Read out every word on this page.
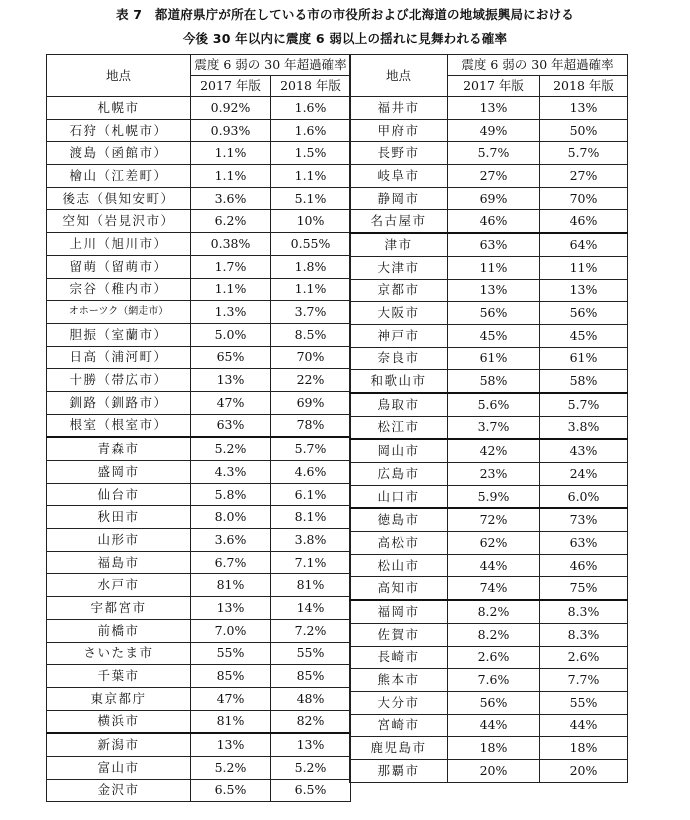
表 7　都道府県庁が所在している市の市役所および北海道の地域振興局における
今後 30 年以内に震度 6 弱以上の揺れに見舞われる確率
地点	震度 6 弱の 30 年超過確率	
	2017 年版	2018 年版
札幌市	0.92%	1.6%
石狩（札幌市）	0.93%	1.6%
渡島（函館市）	1.1%	1.5%
檜山（江差町）	1.1%	1.1%
後志（倶知安町）	3.6%	5.1%
空知（岩見沢市）	6.2%	10%
上川（旭川市）	0.38%	0.55%
留萌（留萌市）	1.7%	1.8%
宗谷（稚内市）	1.1%	1.1%
オホーツク（網走市）	1.3%	3.7%
胆振（室蘭市）	5.0%	8.5%
日高（浦河町）	65%	70%
十勝（帯広市）	13%	22%
釧路（釧路市）	47%	69%
根室（根室市）	63%	78%
青森市	5.2%	5.7%
盛岡市	4.3%	4.6%
仙台市	5.8%	6.1%
秋田市	8.0%	8.1%
山形市	3.6%	3.8%
福島市	6.7%	7.1%
水戸市	81%	81%
宇都宮市	13%	14%
前橋市	7.0%	7.2%
さいたま市	55%	55%
千葉市	85%	85%
東京都庁	47%	48%
横浜市	81%	82%
新潟市	13%	13%
富山市	5.2%	5.2%
金沢市	6.5%	6.5%
地点	震度 6 弱の 30 年超過確率	
	2017 年版	2018 年版
福井市	13%	13%
甲府市	49%	50%
長野市	5.7%	5.7%
岐阜市	27%	27%
静岡市	69%	70%
名古屋市	46%	46%
津市	63%	64%
大津市	11%	11%
京都市	13%	13%
大阪市	56%	56%
神戸市	45%	45%
奈良市	61%	61%
和歌山市	58%	58%
鳥取市	5.6%	5.7%
松江市	3.7%	3.8%
岡山市	42%	43%
広島市	23%	24%
山口市	5.9%	6.0%
徳島市	72%	73%
高松市	62%	63%
松山市	44%	46%
高知市	74%	75%
福岡市	8.2%	8.3%
佐賀市	8.2%	8.3%
長崎市	2.6%	2.6%
熊本市	7.6%	7.7%
大分市	56%	55%
宮崎市	44%	44%
鹿児島市	18%	18%
那覇市	20%	20%
